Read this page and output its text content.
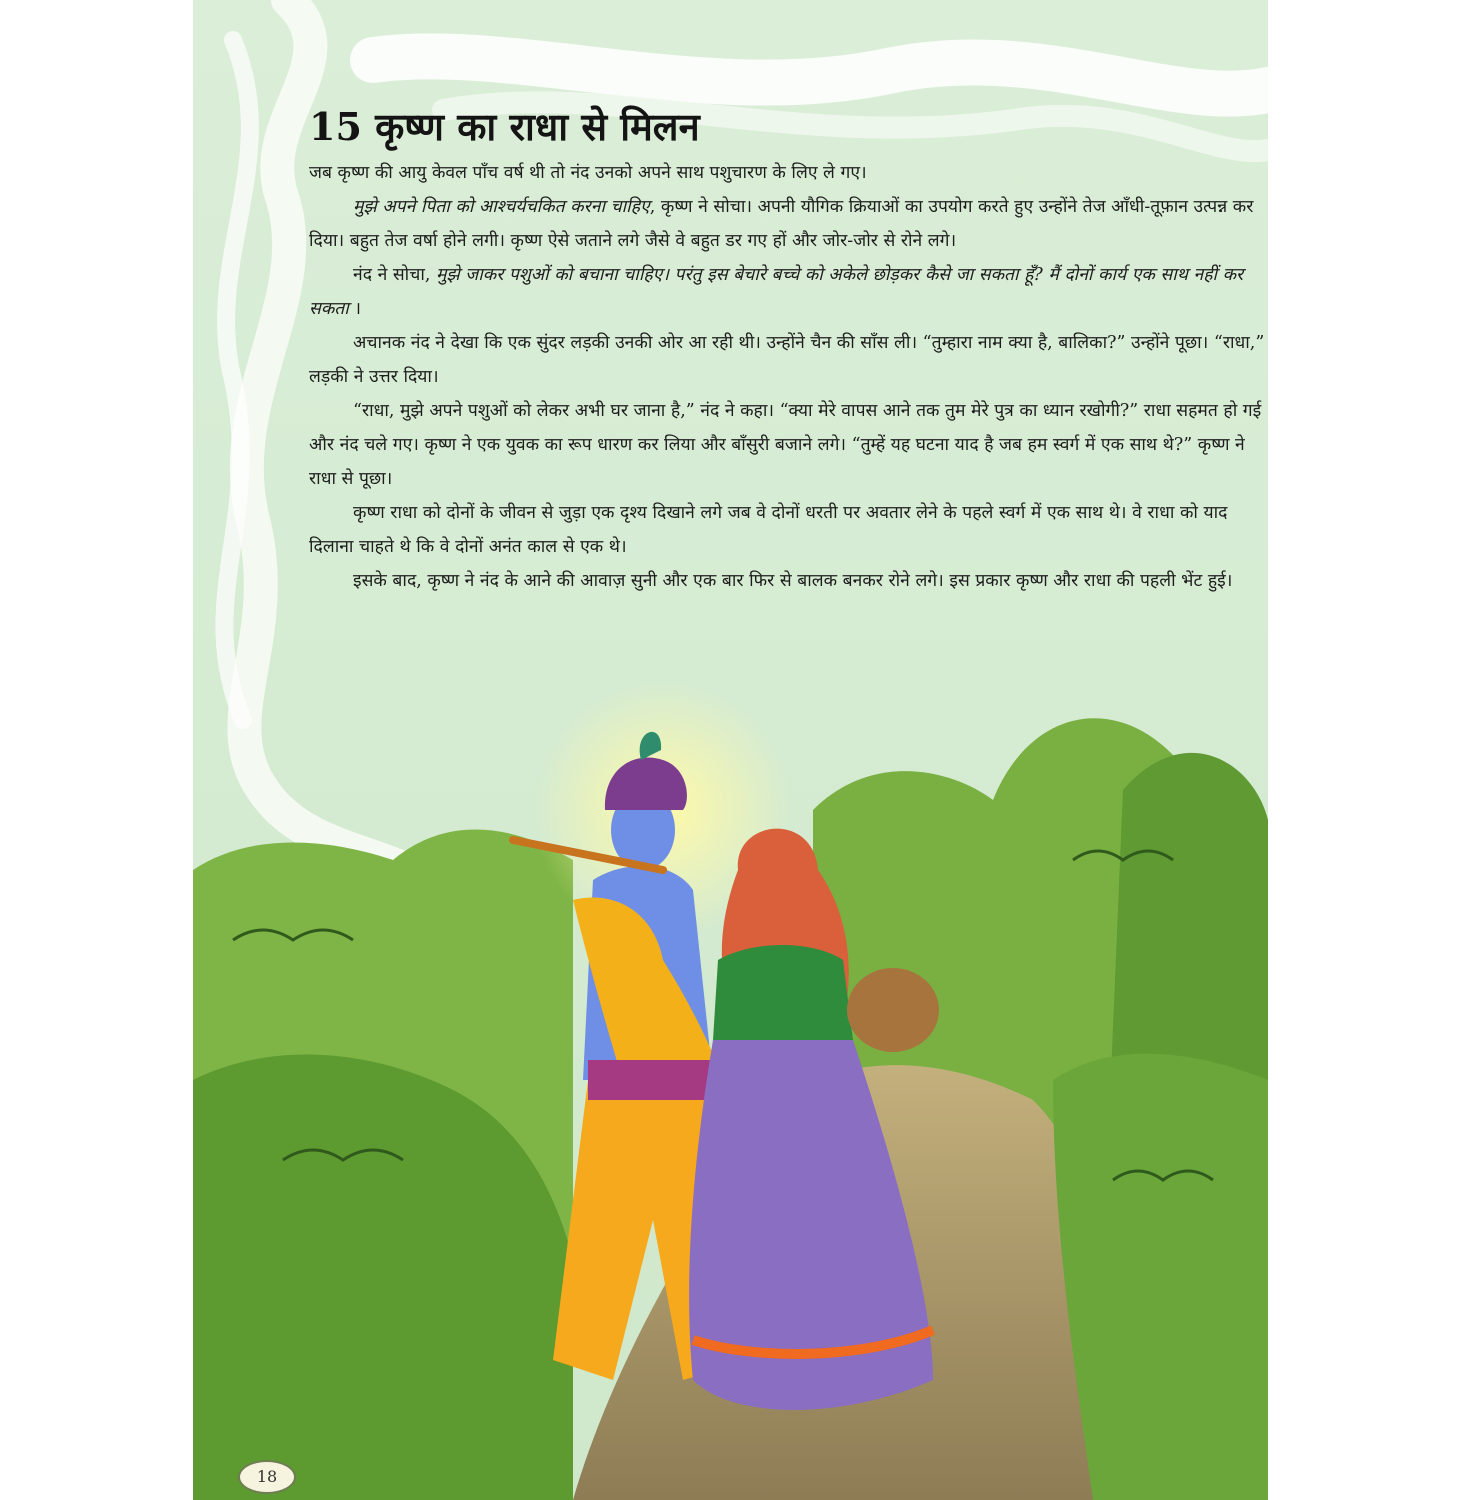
15 कृष्ण का राधा से मिलन

जब कृष्ण की आयु केवल पाँच वर्ष थी तो नंद उनको अपने साथ पशुचारण के लिए ले गए।

मुझे अपने पिता को आश्चर्यचकित करना चाहिए, कृष्ण ने सोचा। अपनी यौगिक क्रियाओं का उपयोग करते हुए उन्होंने तेज आँधी-तूफ़ान उत्पन्न कर दिया। बहुत तेज वर्षा होने लगी। कृष्ण ऐसे जताने लगे जैसे वे बहुत डर गए हों और जोर-जोर से रोने लगे।

नंद ने सोचा, मुझे जाकर पशुओं को बचाना चाहिए। परंतु इस बेचारे बच्चे को अकेले छोड़कर कैसे जा सकता हूँ? मैं दोनों कार्य एक साथ नहीं कर सकता ।

अचानक नंद ने देखा कि एक सुंदर लड़की उनकी ओर आ रही थी। उन्होंने चैन की साँस ली। “तुम्हारा नाम क्या है, बालिका?” उन्होंने पूछा। “राधा,” लड़की ने उत्तर दिया।

“राधा, मुझे अपने पशुओं को लेकर अभी घर जाना है,” नंद ने कहा। “क्या मेरे वापस आने तक तुम मेरे पुत्र का ध्यान रखोगी?” राधा सहमत हो गई और नंद चले गए। कृष्ण ने एक युवक का रूप धारण कर लिया और बाँसुरी बजाने लगे। “तुम्हें यह घटना याद है जब हम स्वर्ग में एक साथ थे?” कृष्ण ने राधा से पूछा।

कृष्ण राधा को दोनों के जीवन से जुड़ा एक दृश्य दिखाने लगे जब वे दोनों धरती पर अवतार लेने के पहले स्वर्ग में एक साथ थे। वे राधा को याद दिलाना चाहते थे कि वे दोनों अनंत काल से एक थे।

इसके बाद, कृष्ण ने नंद के आने की आवाज़ सुनी और एक बार फिर से बालक बनकर रोने लगे। इस प्रकार कृष्ण और राधा की पहली भेंट हुई।

18
